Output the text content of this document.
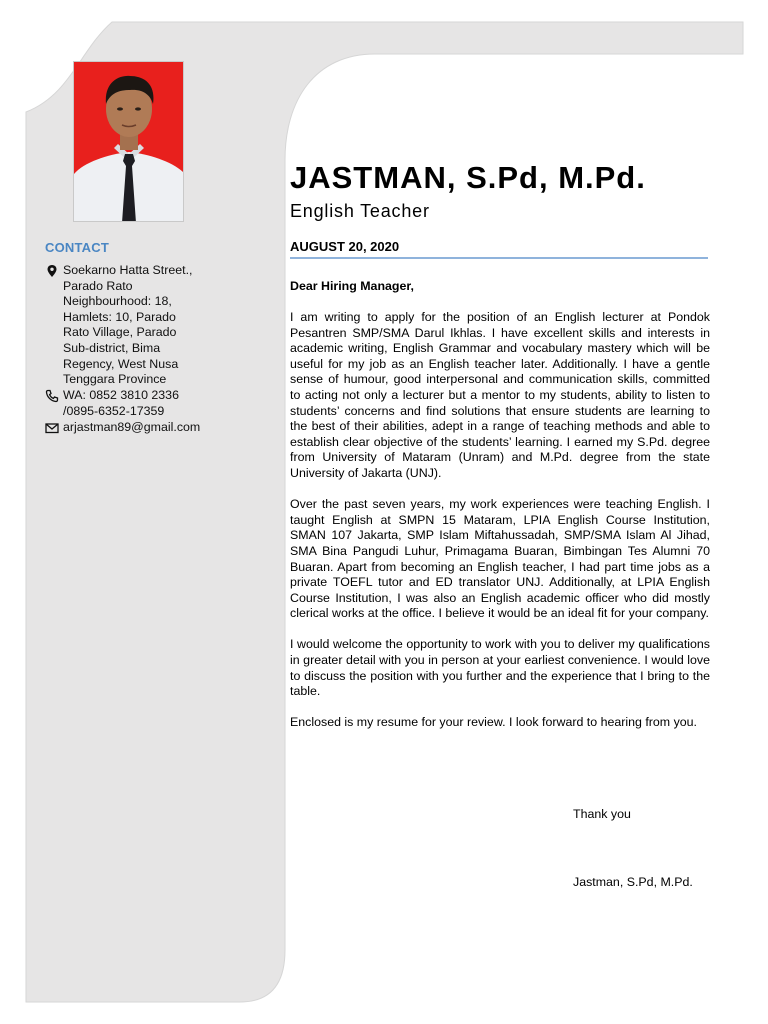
CONTACT
Soekarno Hatta Street.,
Parado Rato
Neighbourhood: 18,
Hamlets: 10, Parado
Rato Village, Parado
Sub-district, Bima
Regency, West Nusa
Tenggara Province
WA: 0852 3810 2336
/0895-6352-17359
arjastman89@gmail.com
JASTMAN, S.Pd, M.Pd.
English Teacher
AUGUST 20, 2020
Dear Hiring Manager,

I am writing to apply for the position of an English lecturer at Pondok Pesantren SMP/SMA Darul Ikhlas. I have excellent skills and interests in academic writing, English Grammar and vocabulary mastery which will be useful for my job as an English teacher later. Additionally. I have a gentle sense of humour, good interpersonal and communication skills, committed to acting not only a lecturer but a mentor to my students, ability to listen to students’ concerns and find solutions that ensure students are learning to the best of their abilities, adept in a range of teaching methods and able to establish clear objective of the students’ learning. I earned my S.Pd. degree from University of Mataram (Unram) and M.Pd. degree from the state University of Jakarta (UNJ).

Over the past seven years, my work experiences were teaching English. I taught English at SMPN 15 Mataram, LPIA English Course Institution, SMAN 107 Jakarta, SMP Islam Miftahussadah, SMP/SMA Islam Al Jihad, SMA Bina Pangudi Luhur, Primagama Buaran, Bimbingan Tes Alumni 70 Buaran. Apart from becoming an English teacher, I had part time jobs as a private TOEFL tutor and ED translator UNJ. Additionally, at LPIA English Course Institution, I was also an English academic officer who did mostly clerical works at the office. I believe it would be an ideal fit for your company.

I would welcome the opportunity to work with you to deliver my qualifications in greater detail with you in person at your earliest convenience. I would love to discuss the position with you further and the experience that I bring to the table.

Enclosed is my resume for your review. I look forward to hearing from you.

Thank you
Jastman, S.Pd, M.Pd.
